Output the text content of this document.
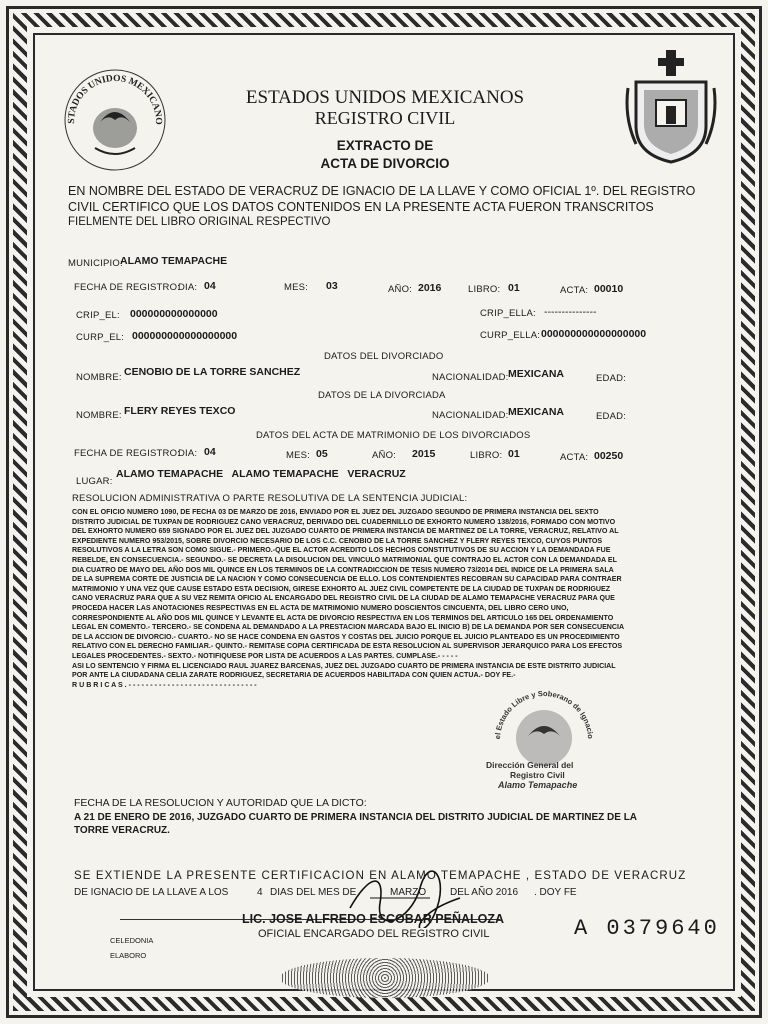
STADOS UNIDOS MEXICANO
ESTADOS UNIDOS MEXICANOS
REGISTRO CIVIL
EXTRACTO DE
ACTA DE DIVORCIO
EN NOMBRE DEL ESTADO DE VERACRUZ DE IGNACIO DE LA LLAVE Y COMO OFICIAL 1º. DEL REGISTRO
CIVIL CERTIFICO QUE LOS DATOS CONTENIDOS EN LA PRESENTE ACTA FUERON TRANSCRITOS
FIELMENTE DEL LIBRO ORIGINAL RESPECTIVO
MUNICIPIO:
ALAMO TEMAPACHE
FECHA DE REGISTRO:
DIA: 04	MES: 03	AÑO: 2016	LIBRO: 01	ACTA: 00010
CRIP_EL: 000000000000000	CRIP_ELLA: ---------------
CURP_EL: 000000000000000000	CURP_ELLA: 000000000000000000
DATOS DEL DIVORCIADO
NOMBRE: CENOBIO DE LA TORRE SANCHEZ	NACIONALIDAD: MEXICANA	EDAD:
DATOS DE LA DIVORCIADA
NOMBRE: FLERY REYES TEXCO	NACIONALIDAD: MEXICANA	EDAD:
DATOS DEL ACTA DE MATRIMONIO DE LOS DIVORCIADOS
FECHA DE REGISTRO:
DIA: 04	MES: 05	AÑO: 2015	LIBRO: 01	ACTA: 00250
LUGAR:
ALAMO TEMAPACHE   ALAMO TEMAPACHE   VERACRUZ
RESOLUCION ADMINISTRATIVA O PARTE RESOLUTIVA DE LA SENTENCIA JUDICIAL:
CON EL OFICIO NUMERO 1090, DE FECHA 03 DE MARZO DE 2016, ENVIADO POR EL JUEZ DEL JUZGADO SEGUNDO DE PRIMERA INSTANCIA DEL SEXTO
DISTRITO JUDICIAL DE TUXPAN DE RODRIGUEZ CANO VERACRUZ, DERIVADO DEL CUADERNILLO DE EXHORTO NUMERO 138/2016, FORMADO CON MOTIVO
DEL EXHORTO NUMERO 659 SIGNADO POR EL JUEZ DEL JUZGADO CUARTO DE PRIMERA INSTANCIA DE MARTINEZ DE LA TORRE, VERACRUZ, RELATIVO AL
EXPEDIENTE NUMERO 953/2015, SOBRE DIVORCIO NECESARIO DE LOS C.C. CENOBIO DE LA TORRE SANCHEZ Y FLERY REYES TEXCO, CUYOS PUNTOS
RESOLUTIVOS A LA LETRA SON COMO SIGUE.- PRIMERO.-QUE EL ACTOR ACREDITO LOS HECHOS CONSTITUTIVOS DE SU ACCION Y LA DEMANDADA FUE
REBELDE, EN CONSECUENCIA.- SEGUNDO.- SE DECRETA LA DISOLUCION DEL VINCULO MATRIMONIAL QUE CONTRAJO EL ACTOR CON LA DEMANDADA EL
DIA CUATRO DE MAYO DEL AÑO DOS MIL QUINCE EN LOS TERMINOS DE LA CONTRADICCION DE TESIS NUMERO 73/2014 DEL INDICE DE LA PRIMERA SALA
DE LA SUPREMA CORTE DE JUSTICIA DE LA NACION Y COMO CONSECUENCIA DE ELLO. LOS CONTENDIENTES RECOBRAN SU CAPACIDAD PARA CONTRAER
MATRIMONIO Y UNA VEZ QUE CAUSE ESTADO ESTA DECISION, GIRESE EXHORTO AL JUEZ CIVIL COMPETENTE DE LA CIUDAD DE TUXPAN DE RODRIGUEZ
CANO VERACRUZ PARA QUE A SU VEZ REMITA OFICIO AL ENCARGADO DEL REGISTRO CIVIL DE LA CIUDAD DE ALAMO TEMAPACHE VERACRUZ PARA QUE
PROCEDA HACER LAS ANOTACIONES RESPECTIVAS EN EL ACTA DE MATRIMONIO NUMERO DOSCIENTOS CINCUENTA, DEL LIBRO CERO UNO,
CORRESPONDIENTE AL AÑO DOS MIL QUINCE Y LEVANTE EL ACTA DE DIVORCIO RESPECTIVA EN LOS TERMINOS DEL ARTICULO 165 DEL ORDENAMIENTO
LEGAL EN COMENTO.- TERCERO.- SE CONDENA AL DEMANDADO A LA PRESTACION MARCADA BAJO EL INICIO B) DE LA DEMANDA POR SER CONSECUENCIA
DE LA ACCION DE DIVORCIO.- CUARTO.- NO SE HACE CONDENA EN GASTOS Y COSTAS DEL JUICIO PORQUE EL JUICIO PLANTEADO ES UN PROCEDIMIENTO
RELATIVO CON EL DERECHO FAMILIAR.- QUINTO.- REMITASE COPIA CERTIFICADA DE ESTA RESOLUCION AL SUPERVISOR JERARQUICO PARA LOS EFECTOS
LEGALES PROCEDENTES.- SEXTO.- NOTIFIQUESE POR LISTA DE ACUERDOS A LAS PARTES. CUMPLASE.- - - - -
ASI LO SENTENCIO Y FIRMA EL LICENCIADO RAUL JUAREZ BARCENAS, JUEZ DEL JUZGADO CUARTO DE PRIMERA INSTANCIA DE ESTE DISTRITO JUDICIAL
POR ANTE LA CIUDADANA CELIA ZARATE RODRIGUEZ, SECRETARIA DE ACUERDOS HABILITADA CON QUIEN ACTUA.- DOY FE.-
R U B R I C A S . - - - - - - - - - - - - - - - - - - - - - - - - - - - - - -
el Estado Libre y Soberano de Ignacio
Dirección General del
Registro Civil
Alamo Temapache
FECHA DE LA RESOLUCION Y AUTORIDAD QUE LA DICTO:
A 21 DE ENERO DE 2016, JUZGADO CUARTO DE PRIMERA INSTANCIA DEL DISTRITO JUDICIAL DE MARTINEZ DE LA
TORRE VERACRUZ.
SE EXTIENDE LA PRESENTE CERTIFICACION EN ALAMO TEMAPACHE , ESTADO DE VERACRUZ
DE IGNACIO DE LA LLAVE A LOS	4 DIAS DEL MES DE	MARZO DEL AÑO 2016 . DOY FE
LIC. JOSE ALFREDO ESCOBAR PEÑALOZA
OFICIAL ENCARGADO DEL REGISTRO CIVIL
CELEDONIA
ELABORO
A 0379640
